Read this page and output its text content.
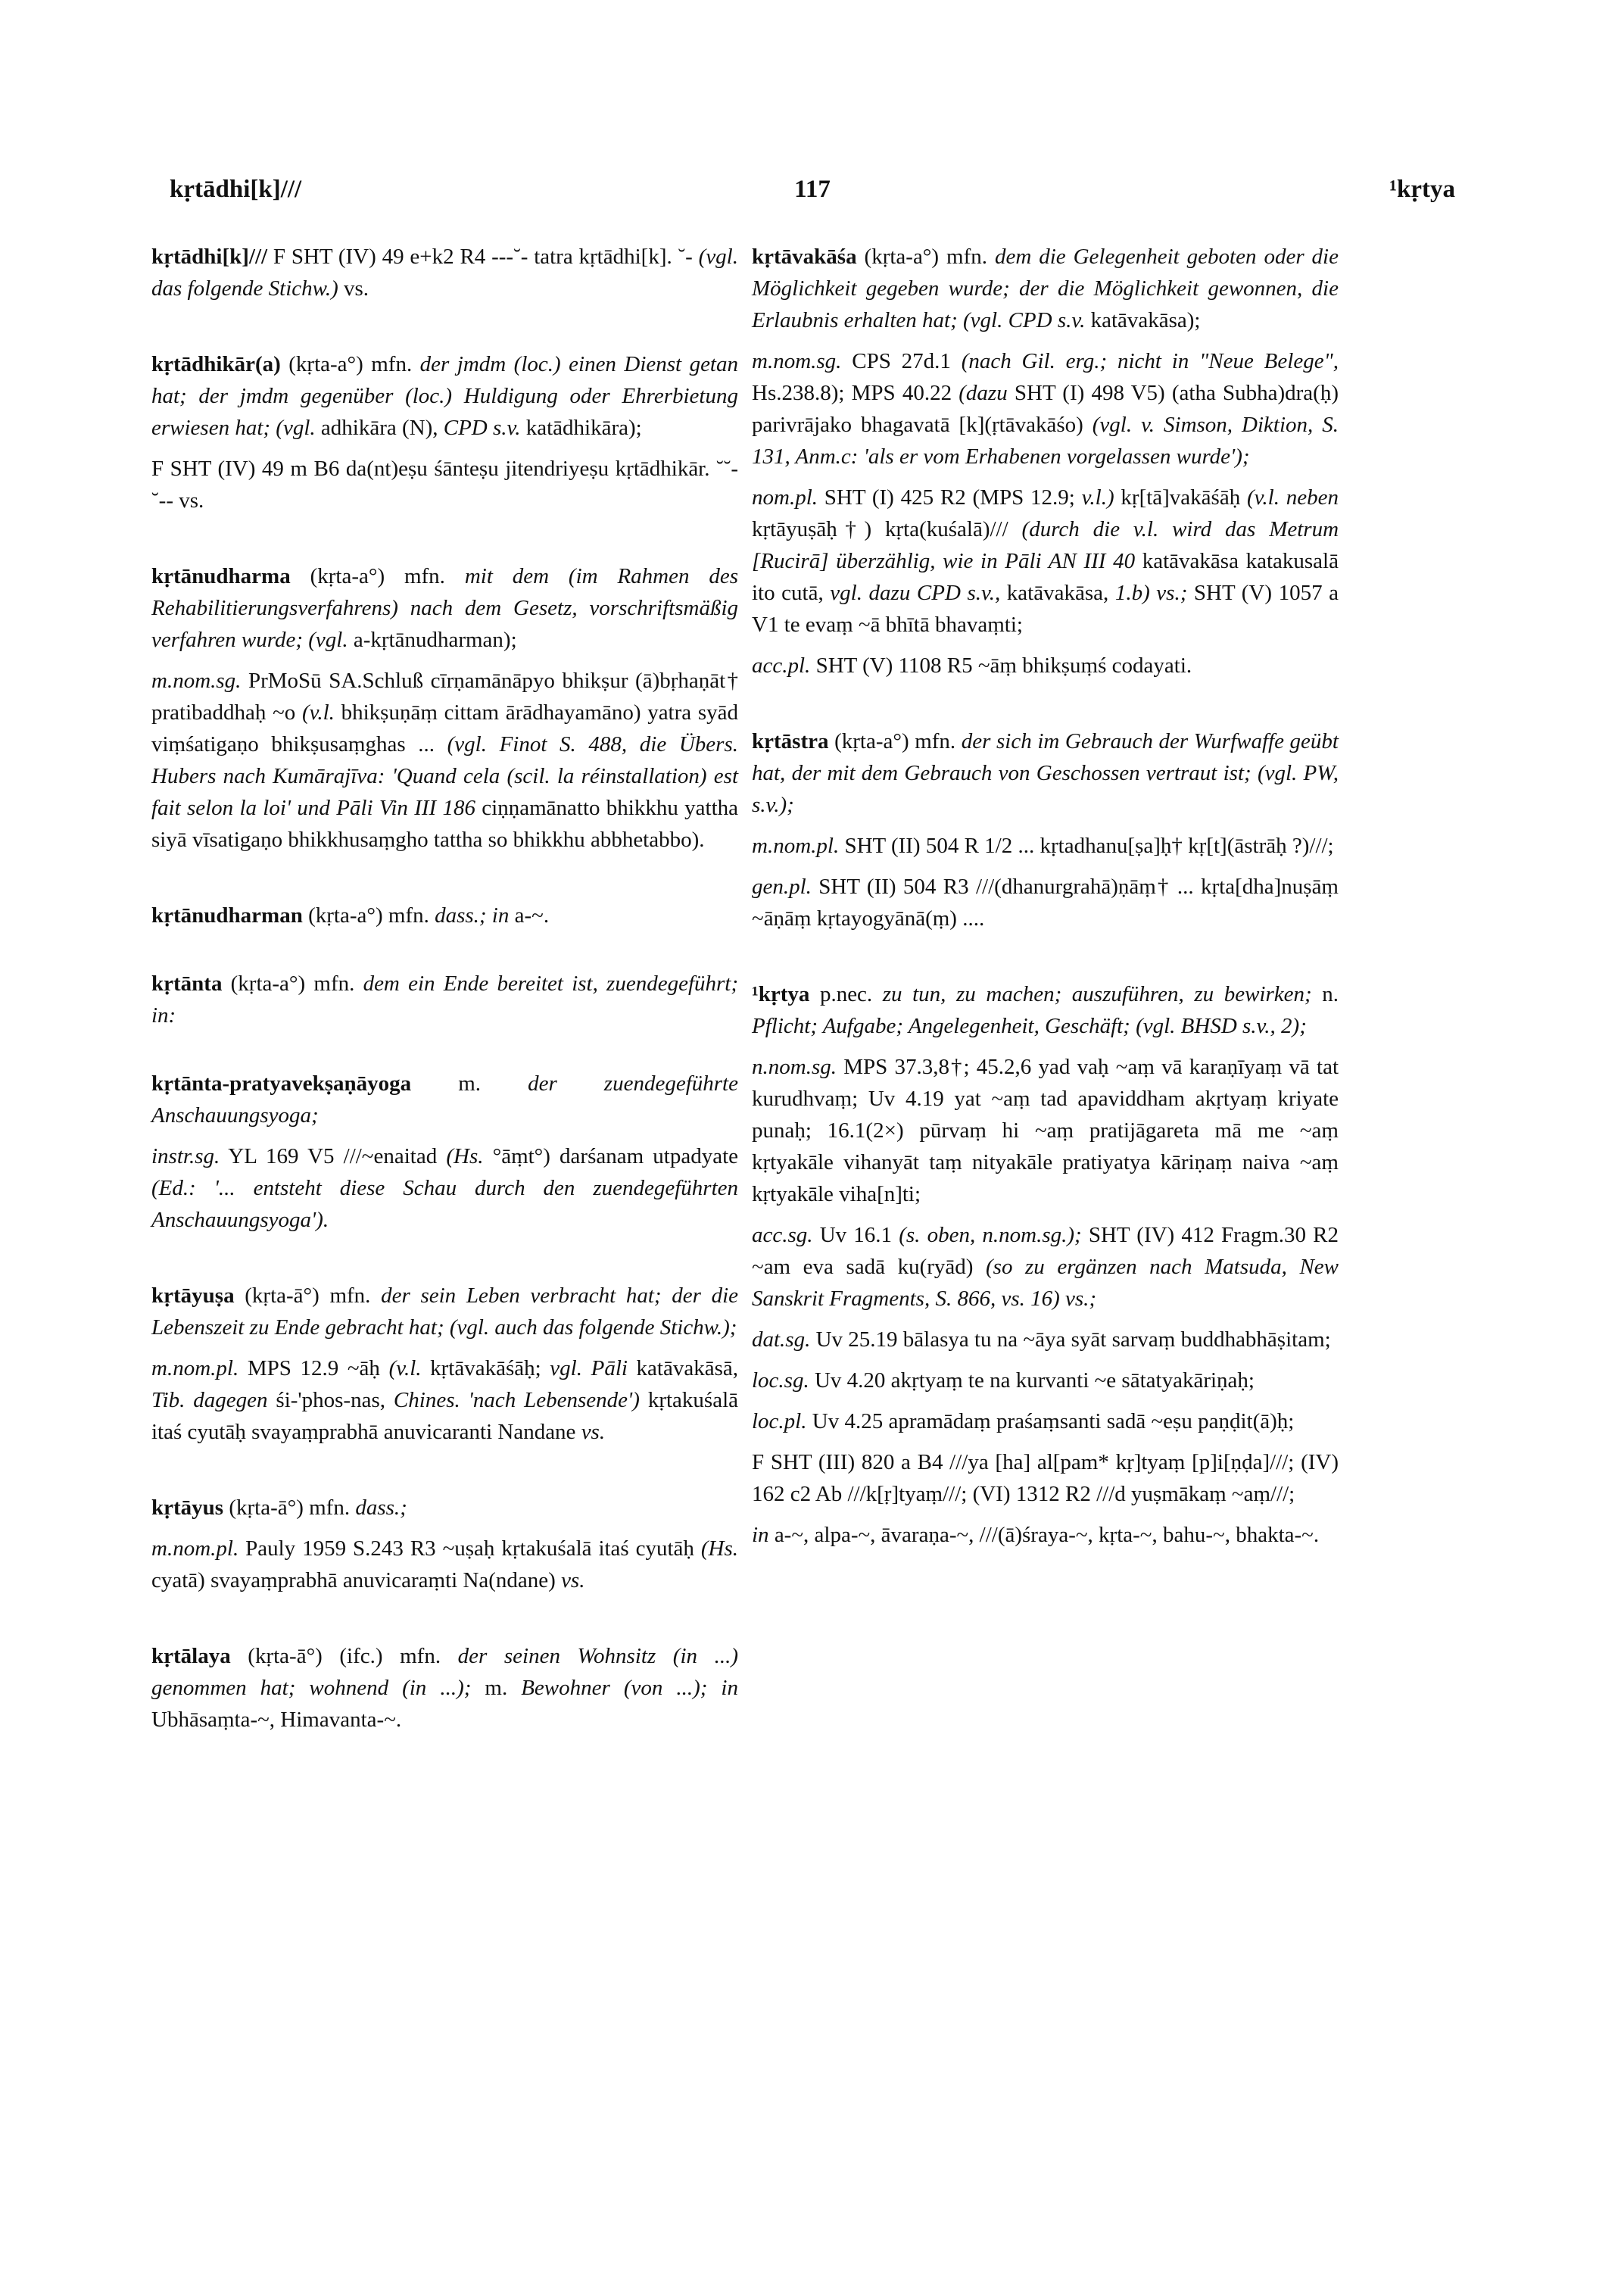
kṛtādhi[k]///	117	¹kṛtya

kṛtādhi[k]/// F SHT (IV) 49 e+k2 R4 ---˘- tatra kṛtādhi[k]. ˘- (vgl. das folgende Stichw.) vs.

kṛtādhikār(a) (kṛta-a°) mfn. der jmdm (loc.) einen Dienst getan hat; der jmdm gegenüber (loc.) Huldigung oder Ehrerbietung erwiesen hat; (vgl. adhikāra (N), CPD s.v. katādhikāra);

F SHT (IV) 49 m B6 da(nt)eṣu śānteṣu jitendriyeṣu kṛtādhikār. ˘˘-˘-- vs.

kṛtānudharma (kṛta-a°) mfn. mit dem (im Rahmen des Rehabilitierungsverfahrens) nach dem Gesetz, vorschriftsmäßig verfahren wurde; (vgl. a-kṛtānudharman);

m.nom.sg. PrMoSū SA.Schluß cīrṇamānāpyo bhikṣur (ā)bṛhaṇāt† pratibaddhaḥ ~o (v.l. bhikṣuṇāṃ cittam ārādhayamāno) yatra syād viṃśatigaṇo bhikṣusaṃghas ... (vgl. Finot S. 488, die Übers. Hubers nach Kumārajīva: 'Quand cela (scil. la réinstallation) est fait selon la loi' und Pāli Vin III 186 ciṇṇamānatto bhikkhu yattha siyā vīsatigaṇo bhikkhusaṃgho tattha so bhikkhu abbhetabbo).

kṛtānudharman (kṛta-a°) mfn. dass.; in a-~.

kṛtānta (kṛta-a°) mfn. dem ein Ende bereitet ist, zuendegeführt; in:

kṛtānta-pratyavekṣaṇāyoga m. der zuendegeführte Anschauungsyoga;

instr.sg. YL 169 V5 ///~enaitad (Hs. °āṃt°) darśanam utpadyate (Ed.: '... entsteht diese Schau durch den zuendegeführten Anschauungsyoga').

kṛtāyuṣa (kṛta-ā°) mfn. der sein Leben verbracht hat; der die Lebenszeit zu Ende gebracht hat; (vgl. auch das folgende Stichw.);

m.nom.pl. MPS 12.9 ~āḥ (v.l. kṛtāvakāśāḥ; vgl. Pāli katāvakāsā, Tib. dagegen śi-'phos-nas, Chines. 'nach Lebensende') kṛtakuśalā itaś cyutāḥ svayaṃprabhā anuvicaranti Nandane vs.

kṛtāyus (kṛta-ā°) mfn. dass.;

m.nom.pl. Pauly 1959 S.243 R3 ~uṣaḥ kṛtakuśalā itaś cyutāḥ (Hs. cyatā) svayaṃprabhā anuvicaraṃti Na(ndane) vs.

kṛtālaya (kṛta-ā°) (ifc.) mfn. der seinen Wohnsitz (in ...) genommen hat; wohnend (in ...); m. Bewohner (von ...); in Ubhāsaṃta-~, Himavanta-~.

kṛtāvakāśa (kṛta-a°) mfn. dem die Gelegenheit geboten oder die Möglichkeit gegeben wurde; der die Möglichkeit gewonnen, die Erlaubnis erhalten hat; (vgl. CPD s.v. katāvakāsa);

m.nom.sg. CPS 27d.1 (nach Gil. erg.; nicht in "Neue Belege", Hs.238.8); MPS 40.22 (dazu SHT (I) 498 V5) (atha Subha)dra(ḥ) parivrājako bhagavatā [k](ṛtāvakāśo) (vgl. v. Simson, Diktion, S. 131, Anm.c: 'als er vom Erhabenen vorgelassen wurde');

nom.pl. SHT (I) 425 R2 (MPS 12.9; v.l.) kṛ[tā]vakāśāḥ (v.l. neben kṛtāyuṣāḥ†) kṛta(kuśalā)/// (durch die v.l. wird das Metrum [Rucirā] überzählig, wie in Pāli AN III 40 katāvakāsa katakusalā ito cutā, vgl. dazu CPD s.v., katāvakāsa, 1.b) vs.; SHT (V) 1057 a V1 te evaṃ ~ā bhītā bhavaṃti;

acc.pl. SHT (V) 1108 R5 ~āṃ bhikṣuṃś codayati.

kṛtāstra (kṛta-a°) mfn. der sich im Gebrauch der Wurfwaffe geübt hat, der mit dem Gebrauch von Geschossen vertraut ist; (vgl. PW, s.v.);

m.nom.pl. SHT (II) 504 R 1/2 ... kṛtadhanu[ṣa]ḥ† kṛ[t](āstrāḥ ?)///;

gen.pl. SHT (II) 504 R3 ///(dhanurgrahā)ṇāṃ† ... kṛta[dha]nuṣāṃ ~āṇāṃ kṛtayogyānā(ṃ) ....

¹kṛtya p.nec. zu tun, zu machen; auszuführen, zu bewirken; n. Pflicht; Aufgabe; Angelegenheit, Geschäft; (vgl. BHSD s.v., 2);

n.nom.sg. MPS 37.3,8†; 45.2,6 yad vaḥ ~aṃ vā karaṇīyaṃ vā tat kurudhvaṃ; Uv 4.19 yat ~aṃ tad apaviddham akṛtyaṃ kriyate punaḥ; 16.1(2×) pūrvaṃ hi ~aṃ pratijāgareta mā me ~aṃ kṛtyakāle vihanyāt taṃ nityakāle pratiyatya kāriṇaṃ naiva ~aṃ kṛtyakāle viha[n]ti;

acc.sg. Uv 16.1 (s. oben, n.nom.sg.); SHT (IV) 412 Fragm.30 R2 ~am eva sadā ku(ryād) (so zu ergänzen nach Matsuda, New Sanskrit Fragments, S. 866, vs. 16) vs.;

dat.sg. Uv 25.19 bālasya tu na ~āya syāt sarvaṃ buddhabhāṣitam;

loc.sg. Uv 4.20 akṛtyaṃ te na kurvanti ~e sātatyakāriṇaḥ;

loc.pl. Uv 4.25 apramādaṃ praśaṃsanti sadā ~eṣu paṇḍit(ā)ḥ;

F SHT (III) 820 a B4 ///ya [ha] al[pam* kṛ]tyaṃ [p]i[ṇḍa]///; (IV) 162 c2 Ab ///k[ṛ]tyaṃ///; (VI) 1312 R2 ///d yuṣmākaṃ ~aṃ///;

in a-~, alpa-~, āvaraṇa-~, ///(ā)śraya-~, kṛta-~, bahu-~, bhakta-~.
